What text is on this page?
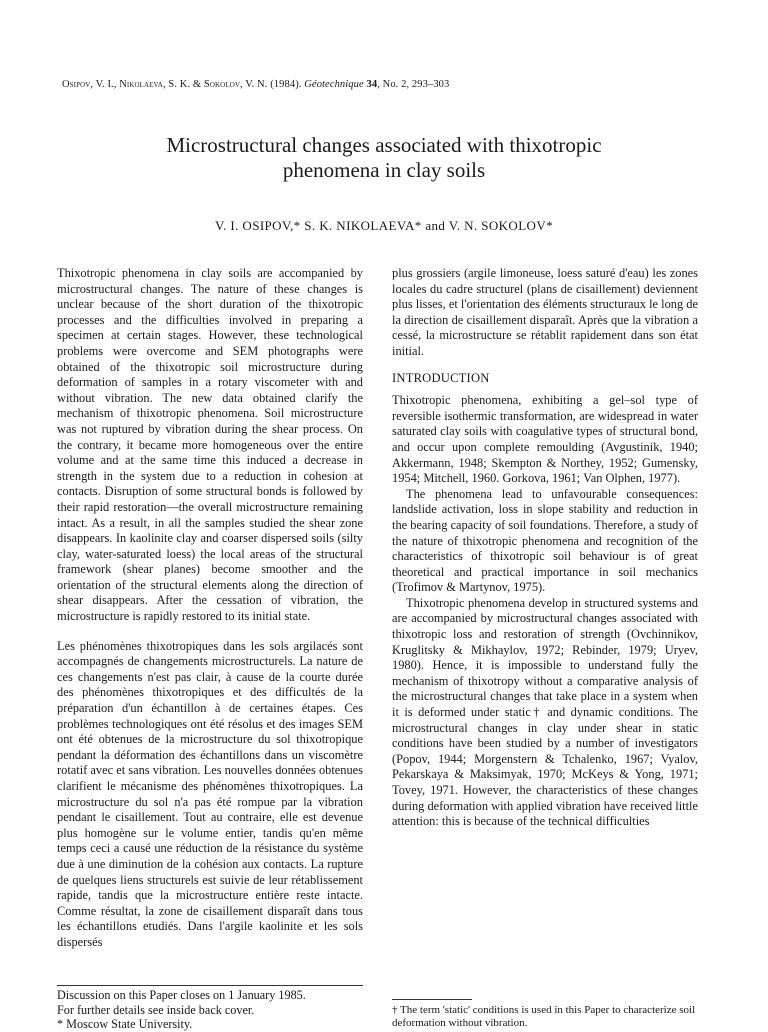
Osipov, V. I., Nikolaeva, S. K. & Sokolov, V. N. (1984). Géotechnique 34, No. 2, 293–303
Microstructural changes associated with thixotropic
phenomena in clay soils
V. I. OSIPOV,* S. K. NIKOLAEVA* and V. N. SOKOLOV*

Thixotropic phenomena in clay soils are accompanied by microstructural changes. The nature of these changes is unclear because of the short duration of the thixotropic processes and the difficulties involved in preparing a specimen at certain stages. However, these technological problems were overcome and SEM photographs were obtained of the thixotropic soil microstructure during deformation of samples in a rotary viscometer with and without vibration. The new data obtained clarify the mechanism of thixotropic phenomena. Soil microstructure was not ruptured by vibration during the shear process. On the contrary, it became more homogeneous over the entire volume and at the same time this induced a decrease in strength in the system due to a reduction in cohesion at contacts. Disruption of some structural bonds is followed by their rapid restoration—the overall microstructure remaining intact. As a result, in all the samples studied the shear zone disappears. In kaolinite clay and coarser dispersed soils (silty clay, water-saturated loess) the local areas of the structural framework (shear planes) become smoother and the orientation of the structural elements along the direction of shear disappears. After the cessation of vibration, the microstructure is rapidly restored to its initial state.

Les phénomènes thixotropiques dans les sols argilacés sont accompagnés de changements microstructurels. La nature de ces changements n'est pas clair, à cause de la courte durée des phénomènes thixotropiques et des difficultés de la préparation d'un échantillon à de certaines étapes. Ces problèmes technologiques ont été résolus et des images SEM ont été obtenues de la microstructure du sol thixotropique pendant la déformation des échantillons dans un viscomètre rotatif avec et sans vibration. Les nouvelles données obtenues clarifient le mécanisme des phénomènes thixotropiques. La microstructure du sol n'a pas été rompue par la vibration pendant le cisaillement. Tout au contraire, elle est devenue plus homogène sur le volume entier, tandis qu'en même temps ceci a causé une réduction de la résistance du système due à une diminution de la cohésion aux contacts. La rupture de quelques liens structurels est suivie de leur rétablissement rapide, tandis que la microstructure entière reste intacte. Comme résultat, la zone de cisaillement disparaît dans tous les échantillons etudiés. Dans l'argile kaolinite et les sols dispersés

plus grossiers (argile limoneuse, loess saturé d'eau) les zones locales du cadre structurel (plans de cisaillement) deviennent plus lisses, et l'orientation des éléments structuraux le long de la direction de cisaillement disparaît. Après que la vibration a cessé, la microstructure se rétablit rapidement dans son état initial.

INTRODUCTION

Thixotropic phenomena, exhibiting a gel–sol type of reversible isothermic transformation, are widespread in water saturated clay soils with coagulative types of structural bond, and occur upon complete remoulding (Avgustinik, 1940; Akkermann, 1948; Skempton & Northey, 1952; Gumensky, 1954; Mitchell, 1960. Gorkova, 1961; Van Olphen, 1977).

The phenomena lead to unfavourable consequences: landslide activation, loss in slope stability and reduction in the bearing capacity of soil foundations. Therefore, a study of the nature of thixotropic phenomena and recognition of the characteristics of thixotropic soil behaviour is of great theoretical and practical importance in soil mechanics (Trofimov & Martynov, 1975).

Thixotropic phenomena develop in structured systems and are accompanied by microstructural changes associated with thixotropic loss and restoration of strength (Ovchinnikov, Kruglitsky & Mikhaylov, 1972; Rebinder, 1979; Uryev, 1980). Hence, it is impossible to understand fully the mechanism of thixotropy without a comparative analysis of the microstructural changes that take place in a system when it is deformed under static† and dynamic conditions. The microstructural changes in clay under shear in static conditions have been studied by a number of investigators (Popov, 1944; Morgenstern & Tchalenko, 1967; Vyalov, Pekarskaya & Maksimyak, 1970; McKeys & Yong, 1971; Tovey, 1971. However, the characteristics of these changes during deformation with applied vibration have received little attention: this is because of the technical difficulties

Discussion on this Paper closes on 1 January 1985.

For further details see inside back cover.

* Moscow State University.

† The term 'static' conditions is used in this Paper to characterize soil deformation without vibration.
